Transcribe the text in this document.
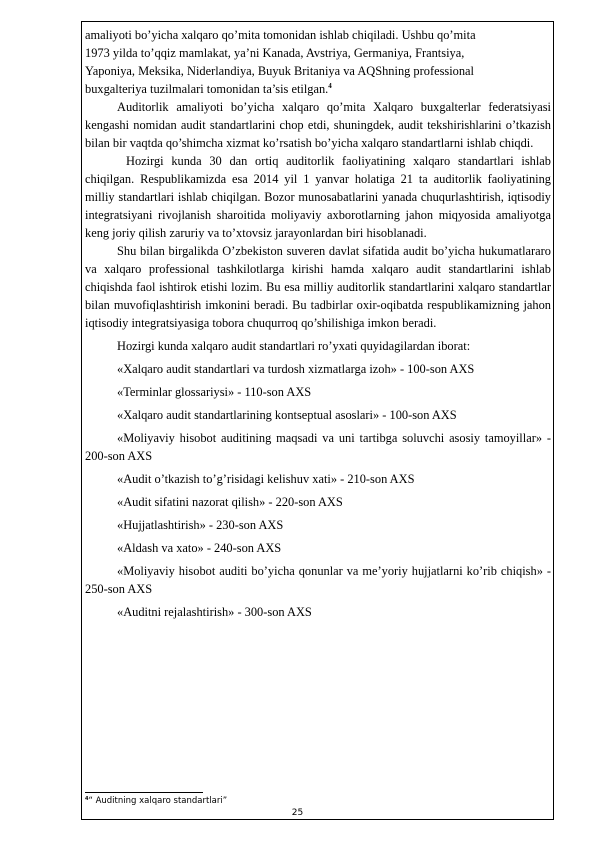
amaliyoti bo’yicha xalqaro qo’mita tomonidan ishlab chiqiladi. Ushbu qo’mita
1973 yilda to’qqiz mamlakat, ya’ni Kanada, Avstriya, Germaniya, Frantsiya,
Yaponiya, Meksika, Niderlandiya, Buyuk Britaniya va AQShning professional
buxgalteriya tuzilmalari tomonidan ta’sis etilgan.$^4$

Auditorlik amaliyoti bo’yicha xalqaro qo’mita Xalqaro buxgalterlar federatsiyasi kengashi nomidan audit standartlarini chop etdi, shuningdek, audit tekshirishlarini o’tkazish bilan bir vaqtda qo’shimcha xizmat ko’rsatish bo’yicha xalqaro standartlarni ishlab chiqdi.

Hozirgi kunda 30 dan ortiq auditorlik faoliyatining xalqaro standartlari ishlab chiqilgan. Respublikamizda esa 2014 yil 1 yanvar holatiga 21 ta auditorlik faoliyatining milliy standartlari ishlab chiqilgan. Bozor munosabatlarini yanada chuqurlashtirish, iqtisodiy integratsiyani rivojlanish sharoitida moliyaviy axborotlarning jahon miqyosida amaliyotga keng joriy qilish zaruriy va to’xtovsiz jarayonlardan biri hisoblanadi.

Shu bilan birgalikda O’zbekiston suveren davlat sifatida audit bo’yicha hukumatlararo va xalqaro professional tashkilotlarga kirishi hamda xalqaro audit standartlarini ishlab chiqishda faol ishtirok etishi lozim. Bu esa milliy auditorlik standartlarini xalqaro standartlar bilan muvofiqlashtirish imkonini beradi. Bu tadbirlar oxir-oqibatda respublikamizning jahon iqtisodiy integratsiyasiga tobora chuqurroq qo’shilishiga imkon beradi.

Hozirgi kunda xalqaro audit standartlari ro’yxati quyidagilardan iborat:

«Xalqaro audit standartlari va turdosh xizmatlarga izoh» - 100-son AXS

«Terminlar glossariysi» - 110-son AXS

«Xalqaro audit standartlarining kontseptual asoslari» - 100-son AXS

«Moliyaviy hisobot auditining maqsadi va uni tartibga soluvchi asosiy tamoyillar» - 200-son AXS

«Audit o’tkazish to’g’risidagi kelishuv xati» - 210-son AXS

«Audit sifatini nazorat qilish» - 220-son AXS

«Hujjatlashtirish» - 230-son AXS

«Aldash va xato» - 240-son AXS

«Moliyaviy hisobot auditi bo’yicha qonunlar va me’yoriy hujjatlarni ko’rib chiqish» - 250-son AXS

«Auditni rejalashtirish» - 300-son AXS

$^4$“ Auditning xalqaro standartlari”
25
